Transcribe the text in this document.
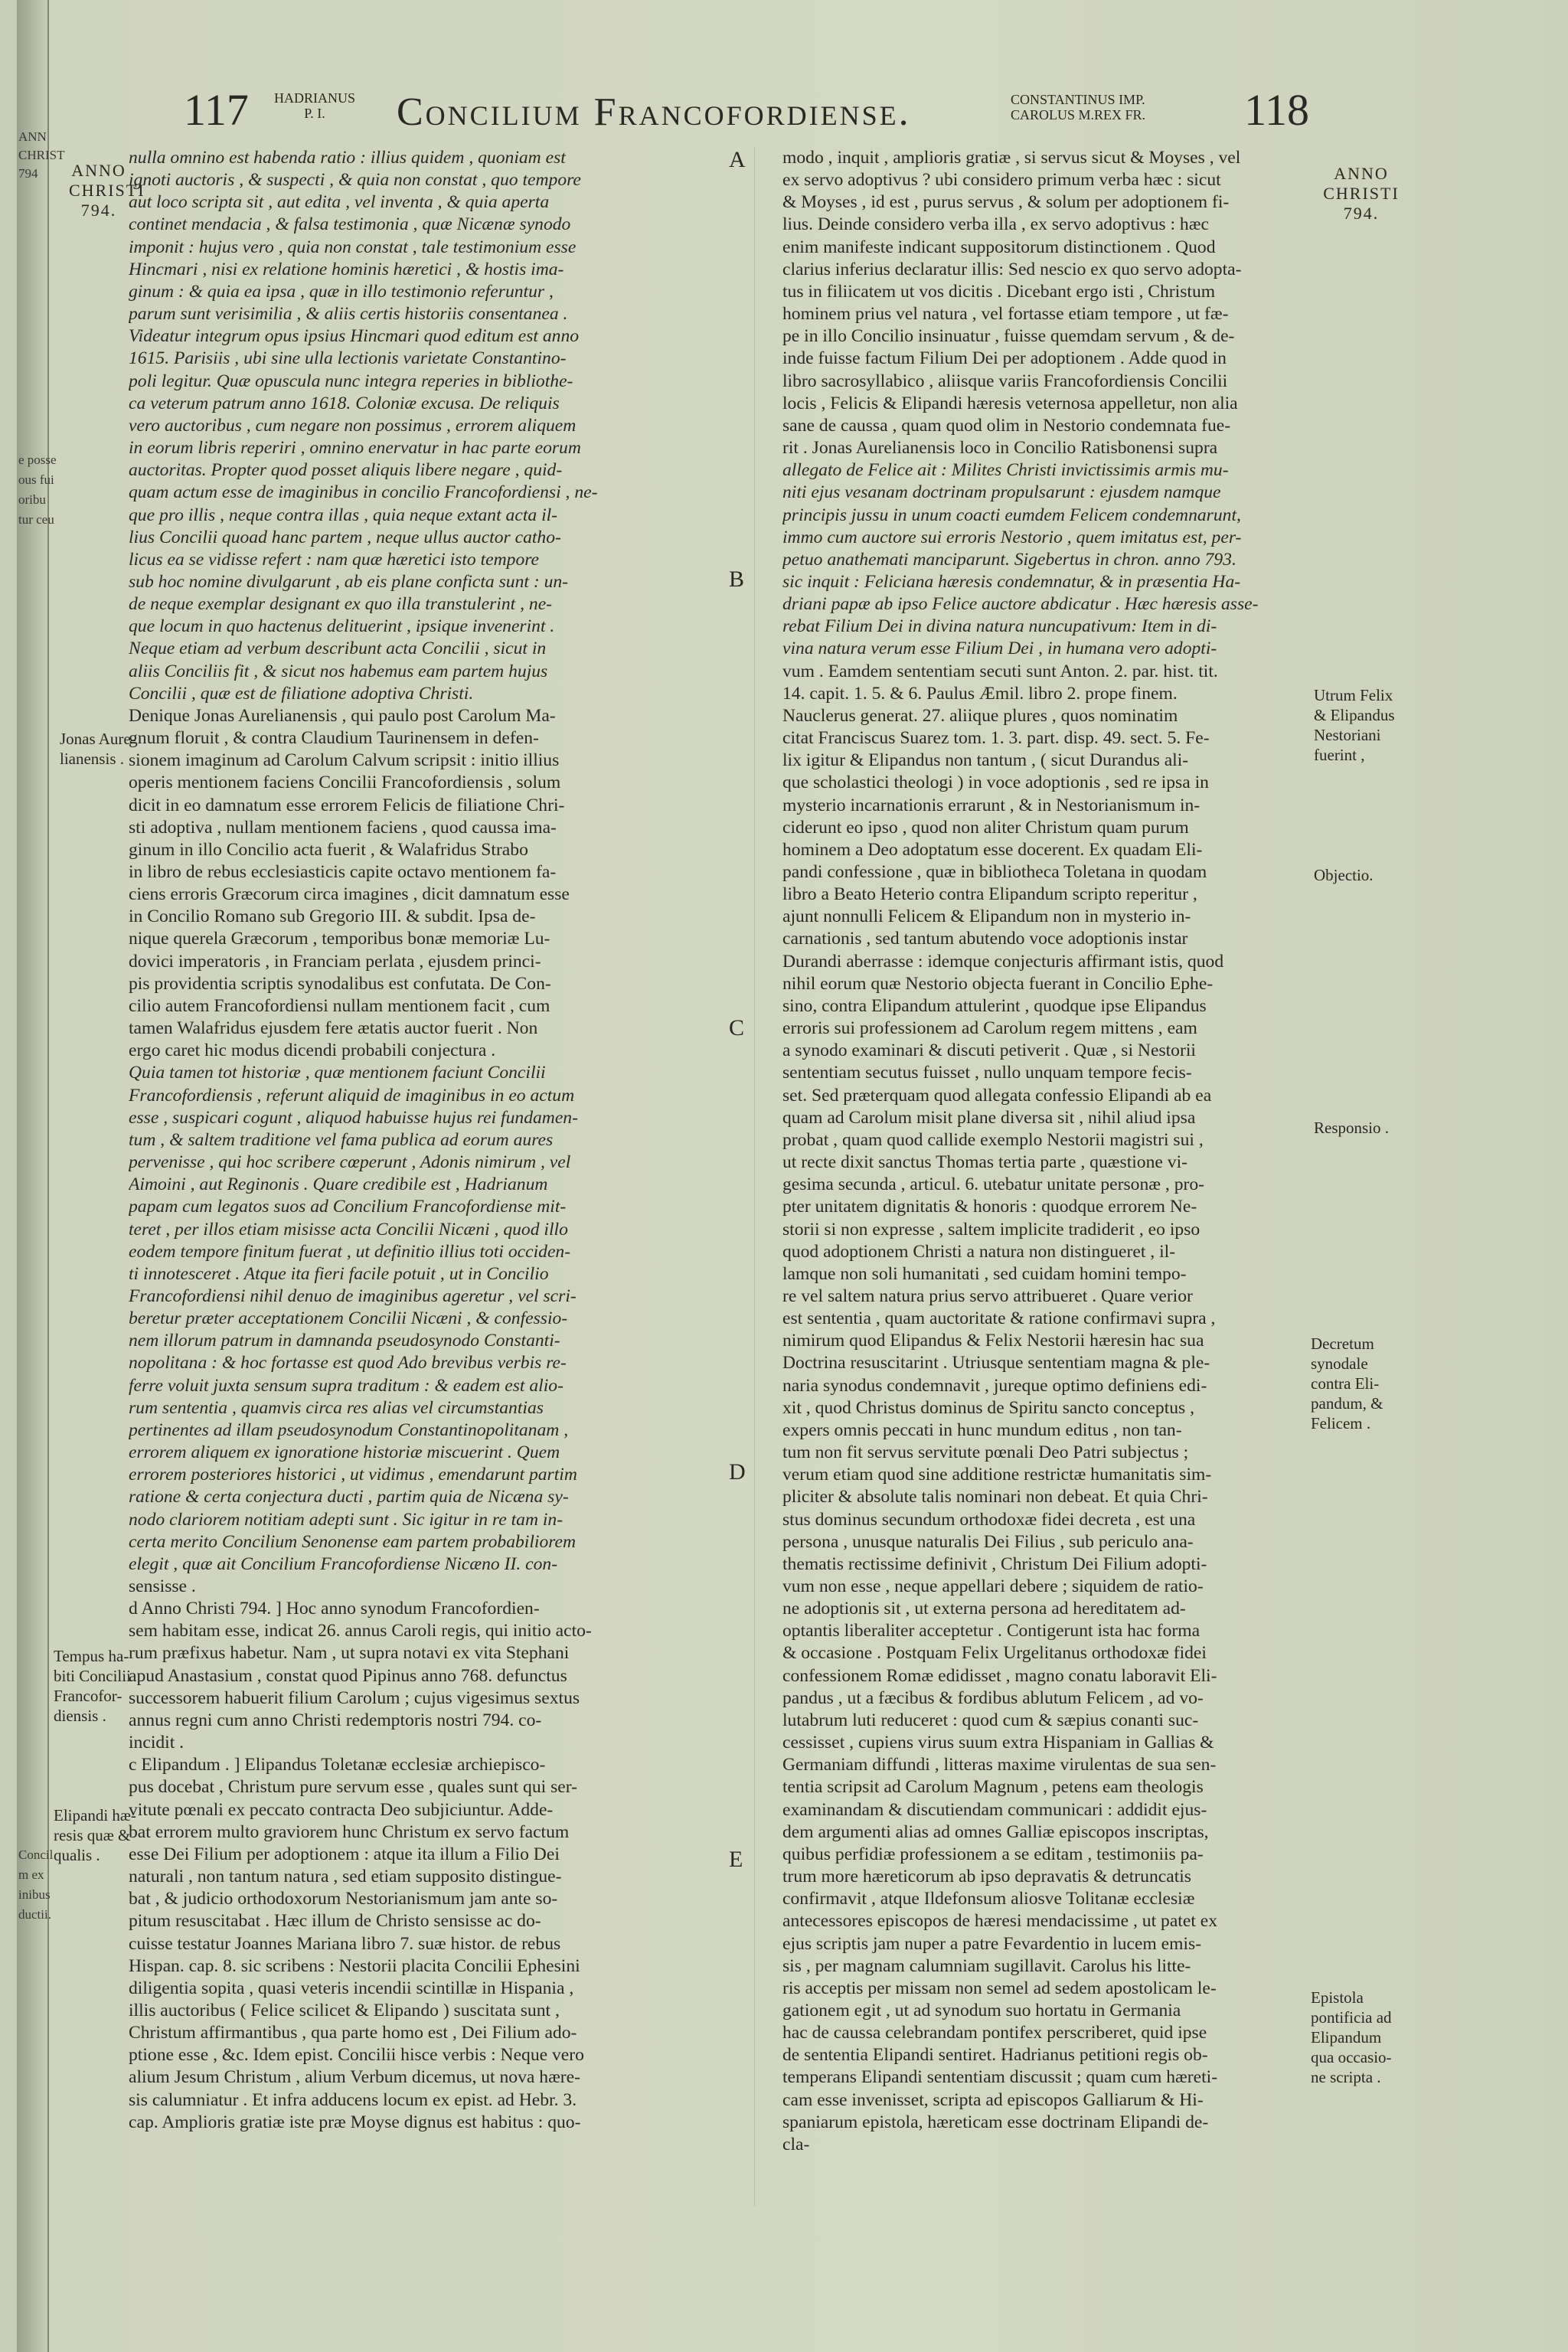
ANN
CHRIST
794
e posse
ous fui
oribu
tur ceu
Concil
m ex
inibus
ductii.
117 HADRIANUS
P. I.	Concilium Francofordiense.	CONSTANTINUS IMP.
CAROLUS M.REX FR. 118
ANNO
CHRISTI
794.
Jonas Aure-
lianensis .
Tempus ha-
biti Concilii
Francofor-
diensis .
Elipandi hæ-
resis quæ &
qualis .
A
B
C
D
E
nulla omnino est habenda ratio : illius quidem , quoniam est
ignoti auctoris , & suspecti , & quia non constat , quo tempore
aut loco scripta sit , aut edita , vel inventa , & quia aperta
continet mendacia , & falsa testimonia , quæ Nicænæ synodo
imponit : hujus vero , quia non constat , tale testimonium esse
Hincmari , nisi ex relatione hominis hæretici , & hostis ima-
ginum : & quia ea ipsa , quæ in illo testimonio referuntur ,
parum sunt verisimilia , & aliis certis historiis consentanea .
Videatur integrum opus ipsius Hincmari quod editum est anno
1615. Parisiis , ubi sine ulla lectionis varietate Constantino-
poli legitur. Quæ opuscula nunc integra reperies in bibliothe-
ca veterum patrum anno 1618. Coloniæ excusa. De reliquis
vero auctoribus , cum negare non possimus , errorem aliquem
in eorum libris reperiri , omnino enervatur in hac parte eorum
auctoritas. Propter quod posset aliquis libere negare , quid-
quam actum esse de imaginibus in concilio Francofordiensi , ne-
que pro illis , neque contra illas , quia neque extant acta il-
lius Concilii quoad hanc partem , neque ullus auctor catho-
licus ea se vidisse refert : nam quæ hæretici isto tempore
sub hoc nomine divulgarunt , ab eis plane conficta sunt : un-
de neque exemplar designant ex quo illa transtulerint , ne-
que locum in quo hactenus delituerint , ipsique invenerint .
Neque etiam ad verbum describunt acta Concilii , sicut in
aliis Conciliis fit , & sicut nos habemus eam partem hujus
Concilii , quæ est de filiatione adoptiva Christi.
Denique Jonas Aurelianensis , qui paulo post Carolum Ma-
gnum floruit , & contra Claudium Taurinensem in defen-
sionem imaginum ad Carolum Calvum scripsit : initio illius
operis mentionem faciens Concilii Francofordiensis , solum
dicit in eo damnatum esse errorem Felicis de filiatione Chri-
sti adoptiva , nullam mentionem faciens , quod caussa ima-
ginum in illo Concilio acta fuerit , & Walafridus Strabo
in libro de rebus ecclesiasticis capite octavo mentionem fa-
ciens erroris Græcorum circa imagines , dicit damnatum esse
in Concilio Romano sub Gregorio III. & subdit. Ipsa de-
nique querela Græcorum , temporibus bonæ memoriæ Lu-
dovici imperatoris , in Franciam perlata , ejusdem princi-
pis providentia scriptis synodalibus est confutata. De Con-
cilio autem Francofordiensi nullam mentionem facit , cum
tamen Walafridus ejusdem fere ætatis auctor fuerit . Non
ergo caret hic modus dicendi probabili conjectura .
Quia tamen tot historiæ , quæ mentionem faciunt Concilii
Francofordiensis , referunt aliquid de imaginibus in eo actum
esse , suspicari cogunt , aliquod habuisse hujus rei fundamen-
tum , & saltem traditione vel fama publica ad eorum aures
pervenisse , qui hoc scribere cœperunt , Adonis nimirum , vel
Aimoini , aut Reginonis . Quare credibile est , Hadrianum
papam cum legatos suos ad Concilium Francofordiense mit-
teret , per illos etiam misisse acta Concilii Nicæni , quod illo
eodem tempore finitum fuerat , ut definitio illius toti occiden-
ti innotesceret . Atque ita fieri facile potuit , ut in Concilio
Francofordiensi nihil denuo de imaginibus ageretur , vel scri-
beretur præter acceptationem Concilii Nicæni , & confessio-
nem illorum patrum in damnanda pseudosynodo Constanti-
nopolitana : & hoc fortasse est quod Ado brevibus verbis re-
ferre voluit juxta sensum supra traditum : & eadem est alio-
rum sententia , quamvis circa res alias vel circumstantias
pertinentes ad illam pseudosynodum Constantinopolitanam ,
errorem aliquem ex ignoratione historiæ miscuerint . Quem
errorem posteriores historici , ut vidimus , emendarunt partim
ratione & certa conjectura ducti , partim quia de Nicæna sy-
nodo clariorem notitiam adepti sunt . Sic igitur in re tam in-
certa merito Concilium Senonense eam partem probabiliorem
elegit , quæ ait Concilium Francofordiense Nicæno II. con-
sensisse .
d Anno Christi 794. ] Hoc anno synodum Francofordien-
sem habitam esse, indicat 26. annus Caroli regis, qui initio acto-
rum præfixus habetur. Nam , ut supra notavi ex vita Stephani
apud Anastasium , constat quod Pipinus anno 768. defunctus
successorem habuerit filium Carolum ; cujus vigesimus sextus
annus regni cum anno Christi redemptoris nostri 794. co-
incidit .
c Elipandum . ] Elipandus Toletanæ ecclesiæ archiepisco-
pus docebat , Christum pure servum esse , quales sunt qui ser-
vitute pœnali ex peccato contracta Deo subjiciuntur. Adde-
bat errorem multo graviorem hunc Christum ex servo factum
esse Dei Filium per adoptionem : atque ita illum a Filio Dei
naturali , non tantum natura , sed etiam supposito distingue-
bat , & judicio orthodoxorum Nestorianismum jam ante so-
pitum resuscitabat . Hæc illum de Christo sensisse ac do-
cuisse testatur Joannes Mariana libro 7. suæ histor. de rebus
Hispan. cap. 8. sic scribens : Nestorii placita Concilii Ephesini
diligentia sopita , quasi veteris incendii scintillæ in Hispania ,
illis auctoribus ( Felice scilicet & Elipando ) suscitata sunt ,
Christum affirmantibus , qua parte homo est , Dei Filium ado-
ptione esse , &c. Idem epist. Concilii hisce verbis : Neque vero
alium Jesum Christum , alium Verbum dicemus, ut nova hære-
sis calumniatur . Et infra adducens locum ex epist. ad Hebr. 3.
cap. Amplioris gratiæ iste præ Moyse dignus est habitus : quo-
modo , inquit , amplioris gratiæ , si servus sicut & Moyses , vel
ex servo adoptivus ? ubi considero primum verba hæc : sicut
& Moyses , id est , purus servus , & solum per adoptionem fi-
lius. Deinde considero verba illa , ex servo adoptivus : hæc
enim manifeste indicant suppositorum distinctionem . Quod
clarius inferius declaratur illis: Sed nescio ex quo servo adopta-
tus in filiicatem ut vos dicitis . Dicebant ergo isti , Christum
hominem prius vel natura , vel fortasse etiam tempore , ut fæ-
pe in illo Concilio insinuatur , fuisse quemdam servum , & de-
inde fuisse factum Filium Dei per adoptionem . Adde quod in
libro sacrosyllabico , aliisque variis Francofordiensis Concilii
locis , Felicis & Elipandi hæresis veternosa appelletur, non alia
sane de caussa , quam quod olim in Nestorio condemnata fue-
rit . Jonas Aurelianensis loco in Concilio Ratisbonensi supra
allegato de Felice ait : Milites Christi invictissimis armis mu-
niti ejus vesanam doctrinam propulsarunt : ejusdem namque
principis jussu in unum coacti eumdem Felicem condemnarunt,
immo cum auctore sui erroris Nestorio , quem imitatus est, per-
petuo anathemati manciparunt. Sigebertus in chron. anno 793.
sic inquit : Feliciana hæresis condemnatur, & in præsentia Ha-
driani papæ ab ipso Felice auctore abdicatur . Hæc hæresis asse-
rebat Filium Dei in divina natura nuncupativum: Item in di-
vina natura verum esse Filium Dei , in humana vero adopti-
vum . Eamdem sententiam secuti sunt Anton. 2. par. hist. tit.
14. capit. 1. 5. & 6. Paulus Æmil. libro 2. prope finem.
Nauclerus generat. 27. aliique plures , quos nominatim
citat Franciscus Suarez tom. 1. 3. part. disp. 49. sect. 5. Fe-
lix igitur & Elipandus non tantum , ( sicut Durandus ali-
que scholastici theologi ) in voce adoptionis , sed re ipsa in
mysterio incarnationis errarunt , & in Nestorianismum in-
ciderunt eo ipso , quod non aliter Christum quam purum
hominem a Deo adoptatum esse docerent. Ex quadam Eli-
pandi confessione , quæ in bibliotheca Toletana in quodam
libro a Beato Heterio contra Elipandum scripto reperitur ,
ajunt nonnulli Felicem & Elipandum non in mysterio in-
carnationis , sed tantum abutendo voce adoptionis instar
Durandi aberrasse : idemque conjecturis affirmant istis, quod
nihil eorum quæ Nestorio objecta fuerant in Concilio Ephe-
sino, contra Elipandum attulerint , quodque ipse Elipandus
erroris sui professionem ad Carolum regem mittens , eam
a synodo examinari & discuti petiverit . Quæ , si Nestorii
sententiam secutus fuisset , nullo unquam tempore fecis-
set. Sed præterquam quod allegata confessio Elipandi ab ea
quam ad Carolum misit plane diversa sit , nihil aliud ipsa
probat , quam quod callide exemplo Nestorii magistri sui ,
ut recte dixit sanctus Thomas tertia parte , quæstione vi-
gesima secunda , articul. 6. utebatur unitate personæ , pro-
pter unitatem dignitatis & honoris : quodque errorem Ne-
storii si non expresse , saltem implicite tradiderit , eo ipso
quod adoptionem Christi a natura non distingueret , il-
lamque non soli humanitati , sed cuidam homini tempo-
re vel saltem natura prius servo attribueret . Quare verior
est sententia , quam auctoritate & ratione confirmavi supra ,
nimirum quod Elipandus & Felix Nestorii hæresin hac sua
Doctrina resuscitarint . Utriusque sententiam magna & ple-
naria synodus condemnavit , jureque optimo definiens edi-
xit , quod Christus dominus de Spiritu sancto conceptus ,
expers omnis peccati in hunc mundum editus , non tan-
tum non fit servus servitute pœnali Deo Patri subjectus ;
verum etiam quod sine additione restrictæ humanitatis sim-
pliciter & absolute talis nominari non debeat. Et quia Chri-
stus dominus secundum orthodoxæ fidei decreta , est una
persona , unusque naturalis Dei Filius , sub periculo ana-
thematis rectissime definivit , Christum Dei Filium adopti-
vum non esse , neque appellari debere ; siquidem de ratio-
ne adoptionis sit , ut externa persona ad hereditatem ad-
optantis liberaliter acceptetur . Contigerunt ista hac forma
& occasione . Postquam Felix Urgelitanus orthodoxæ fidei
confessionem Romæ edidisset , magno conatu laboravit Eli-
pandus , ut a fæcibus & fordibus ablutum Felicem , ad vo-
lutabrum luti reduceret : quod cum & sæpius conanti suc-
cessisset , cupiens virus suum extra Hispaniam in Gallias &
Germaniam diffundi , litteras maxime virulentas de sua sen-
tentia scripsit ad Carolum Magnum , petens eam theologis
examinandam & discutiendam communicari : addidit ejus-
dem argumenti alias ad omnes Galliæ episcopos inscriptas,
quibus perfidiæ professionem a se editam , testimoniis pa-
trum more hæreticorum ab ipso depravatis & detruncatis
confirmavit , atque Ildefonsum aliosve Tolitanæ ecclesiæ
antecessores episcopos de hæresi mendacissime , ut patet ex
ejus scriptis jam nuper a patre Fevardentio in lucem emis-
sis , per magnam calumniam sugillavit. Carolus his litte-
ris acceptis per missam non semel ad sedem apostolicam le-
gationem egit , ut ad synodum suo hortatu in Germania
hac de caussa celebrandam pontifex perscriberet, quid ipse
de sententia Elipandi sentiret. Hadrianus petitioni regis ob-
temperans Elipandi sententiam discussit ; quam cum hæreti-
cam esse invenisset, scripta ad episcopos Galliarum & Hi-
spaniarum epistola, hæreticam esse doctrinam Elipandi de-
cla-
ANNO
CHRISTI
794.
Utrum Felix
& Elipandus
Nestoriani
fuerint ,
Objectio.
Responsio .
Decretum
synodale
contra Eli-
pandum, &
Felicem .
Epistola
pontificia ad
Elipandum
qua occasio-
ne scripta .
